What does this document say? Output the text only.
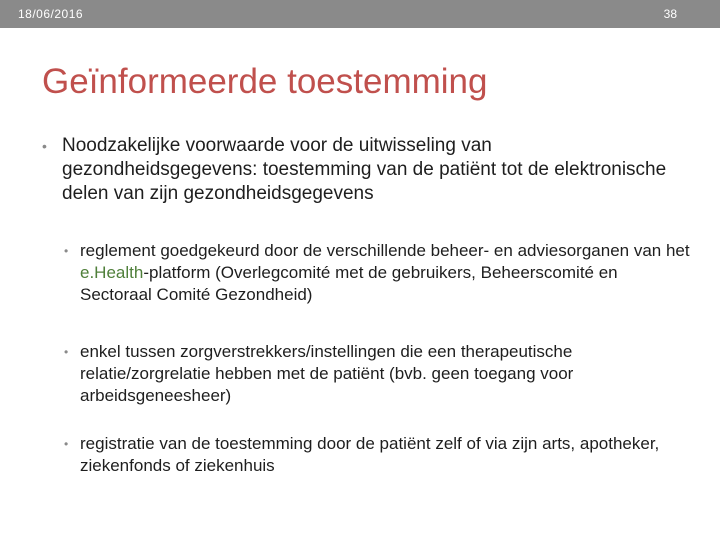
18/06/2016	38
Geïnformeerde toestemming
• Noodzakelijke voorwaarde voor de uitwisseling van gezondheidsgegevens: toestemming van de patiënt tot de elektronische delen van zijn gezondheidsgegevens
• reglement goedgekeurd door de verschillende beheer- en adviesorganen van het e.Health-platform (Overlegcomité met de gebruikers, Beheerscomité en Sectoraal Comité Gezondheid)
• enkel tussen zorgverstrekkers/instellingen die een therapeutische relatie/zorgrelatie hebben met de patiënt (bvb. geen toegang voor arbeidsgeneesheer)
• registratie van de toestemming door de patiënt zelf of via zijn arts, apotheker, ziekenfonds of ziekenhuis
